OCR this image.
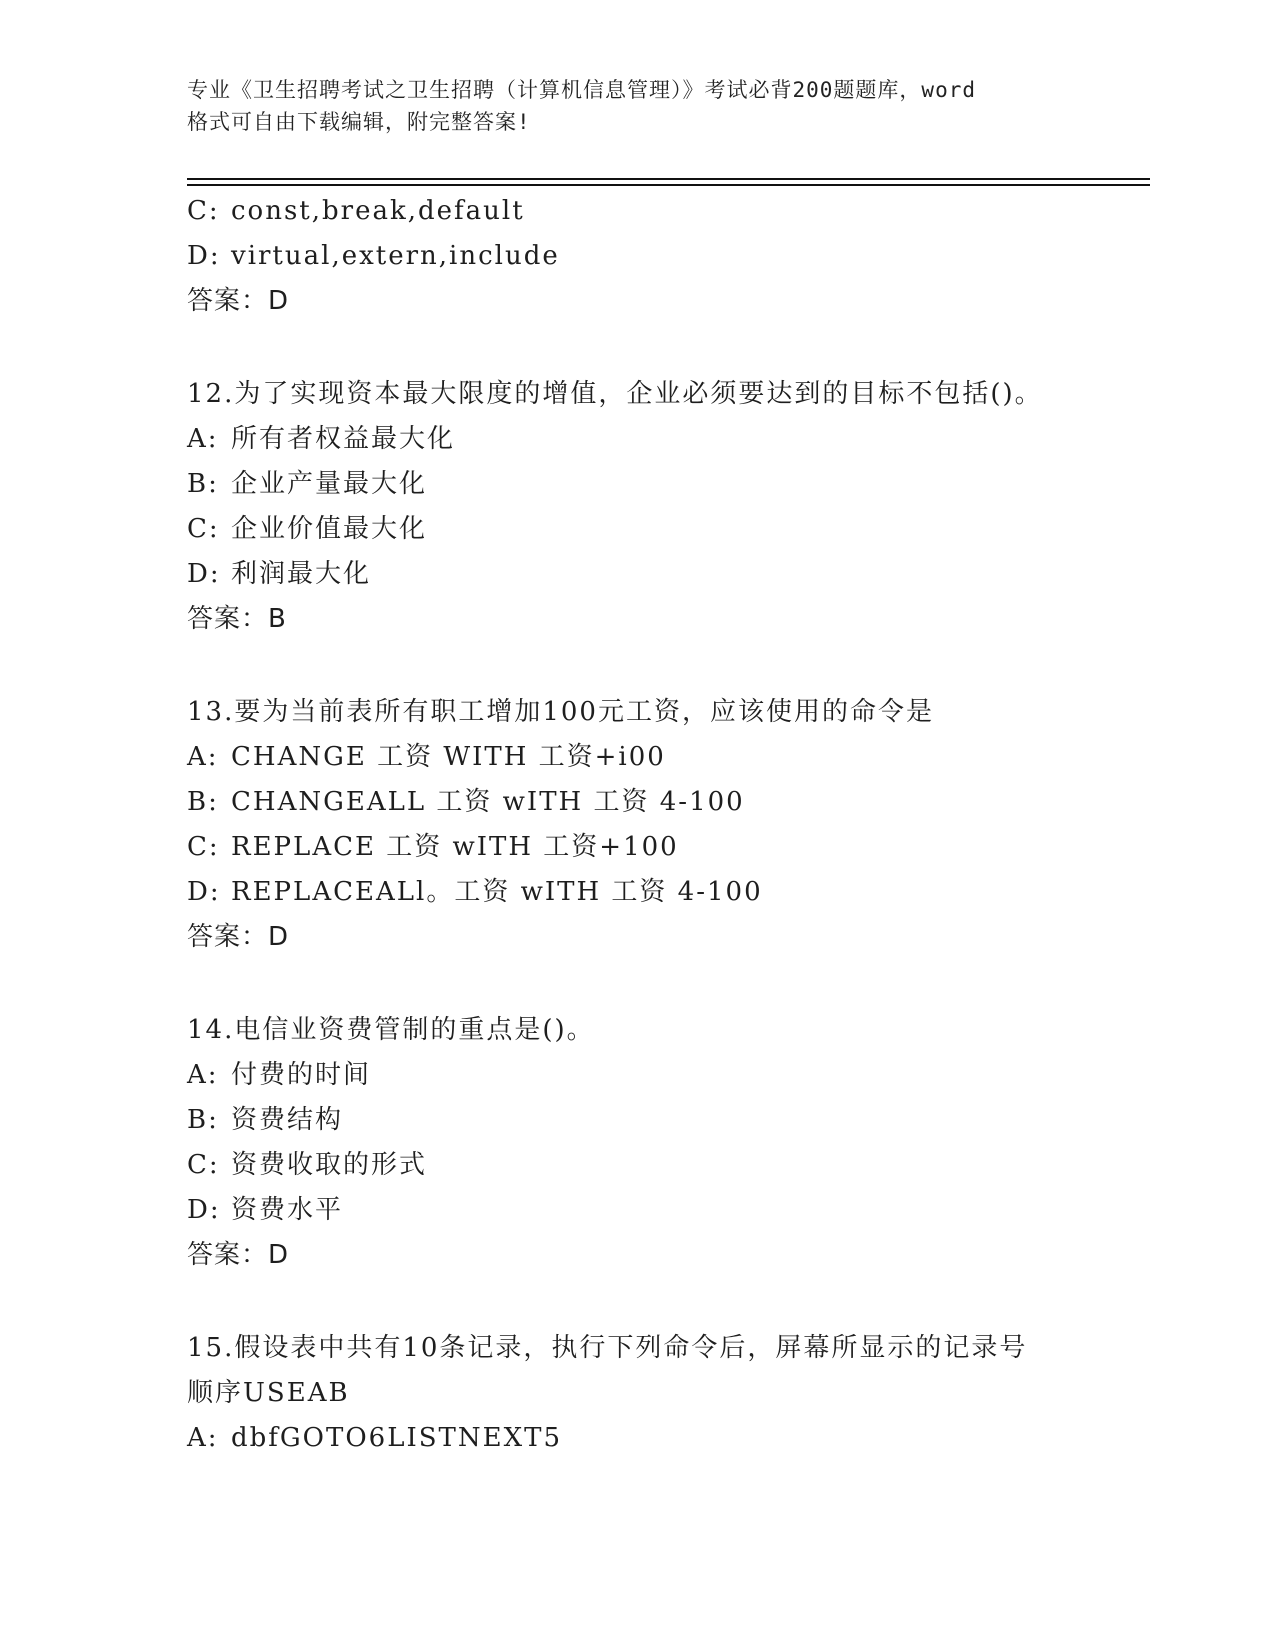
专业《卫生招聘考试之卫生招聘（计算机信息管理）》考试必背200题题库，word
格式可自由下载编辑，附完整答案!
C: const,break,default
D: virtual,extern,include
答案：D
12.为了实现资本最大限度的增值，企业必须要达到的目标不包括()。
A: 所有者权益最大化
B: 企业产量最大化
C: 企业价值最大化
D: 利润最大化
答案：B
13.要为当前表所有职工增加100元工资，应该使用的命令是
A: CHANGE 工资 WITH 工资+i00
B: CHANGEALL 工资 wITH 工资 4-100
C: REPLACE 工资 wITH 工资+100
D: REPLACEALl。工资 wITH 工资 4-100
答案：D
14.电信业资费管制的重点是()。
A: 付费的时间
B: 资费结构
C: 资费收取的形式
D: 资费水平
答案：D
15.假设表中共有10条记录，执行下列命令后，屏幕所显示的记录号
顺序USEAB
A: dbfGOTO6LISTNEXT5
